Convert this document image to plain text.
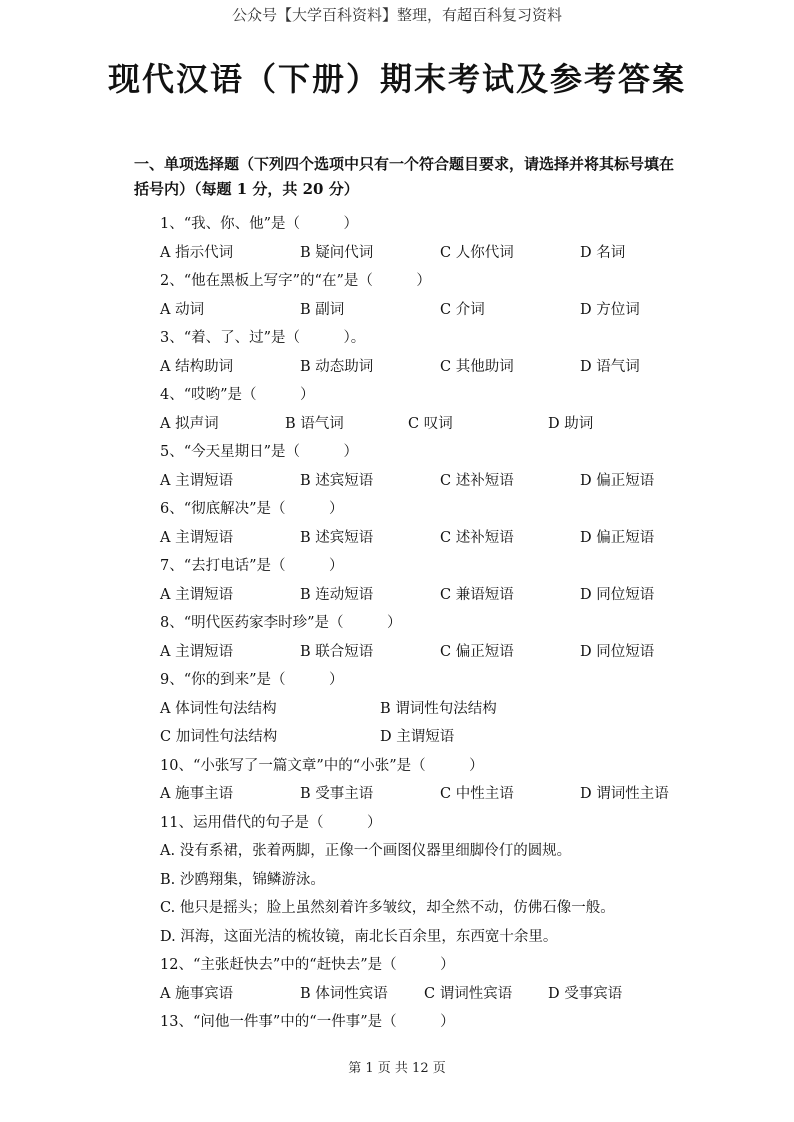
公众号【大学百科资料】整理，有超百科复习资料
现代汉语（下册）期末考试及参考答案
一、单项选择题（下列四个选项中只有一个符合题目要求，请选择并将其标号填在
括号内）（每题 1 分，共 20 分）
1、“我、你、他”是（　　　）
A 指示代词	B 疑问代词	C 人你代词	D 名词
2、“他在黑板上写字”的“在”是（　　　）
A 动词	B 副词	C 介词	D 方位词
3、“着、了、过”是（　　　）。
A 结构助词	B 动态助词	C 其他助词	D 语气词
4、“哎哟”是（　　　）
A 拟声词	B 语气词	C 叹词	D 助词
5、“今天星期日”是（　　　）
A 主谓短语	B 述宾短语	C 述补短语	D 偏正短语
6、“彻底解决”是（　　　）
A 主谓短语	B 述宾短语	C 述补短语	D 偏正短语
7、“去打电话”是（　　　）
A 主谓短语	B 连动短语	C 兼语短语	D 同位短语
8、“明代医药家李时珍”是（　　　）
A 主谓短语	B 联合短语	C 偏正短语	D 同位短语
9、“你的到来”是（　　　）
A 体词性句法结构	B 谓词性句法结构
C 加词性句法结构	D 主谓短语
10、“小张写了一篇文章”中的“小张”是（　　　）
A 施事主语	B 受事主语	C 中性主语	D 谓词性主语
11、运用借代的句子是（　　　）
A. 没有系裙，张着两脚，正像一个画图仪器里细脚伶仃的圆规。
B. 沙鸥翔集，锦鳞游泳。
C. 他只是摇头；脸上虽然刻着许多皱纹，却全然不动，仿佛石像一般。
D. 洱海，这面光洁的梳妆镜，南北长百余里，东西宽十余里。
12、“主张赶快去”中的“赶快去”是（　　　）
A 施事宾语	B 体词性宾语 C 谓词性宾语 D 受事宾语
13、“问他一件事”中的“一件事”是（　　　）
第 1 页 共 12 页
